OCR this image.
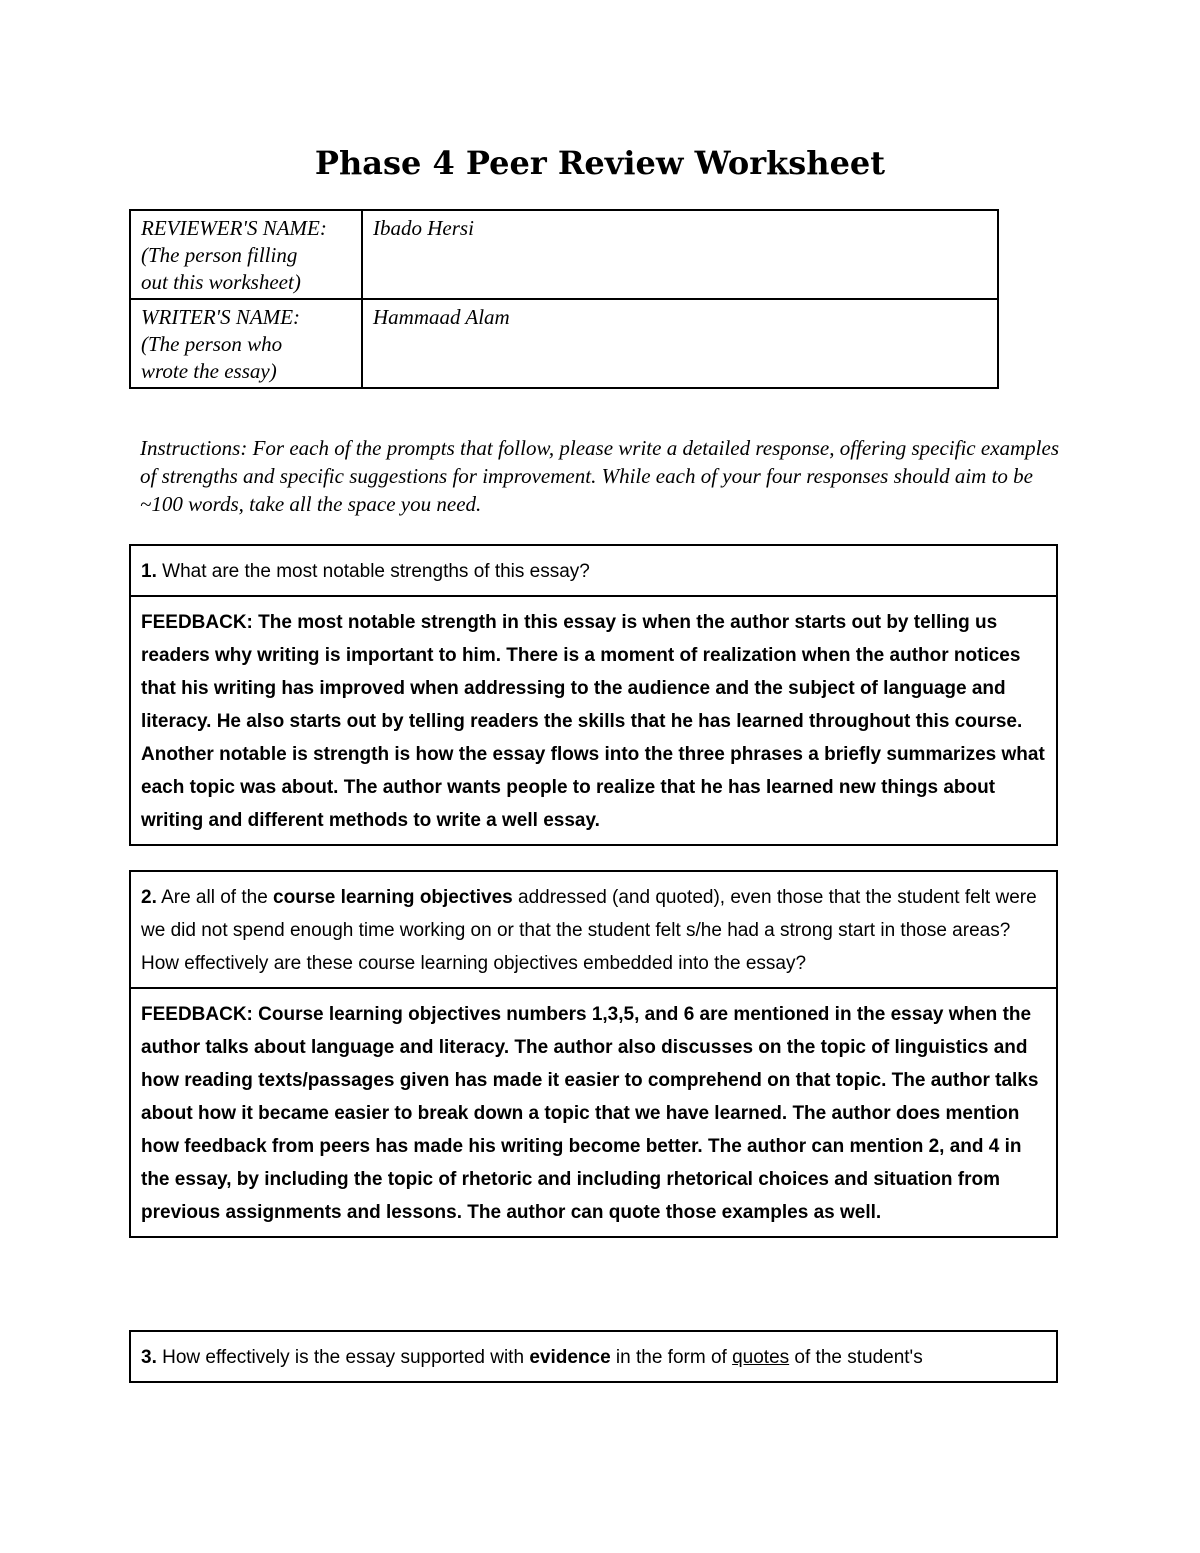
Phase 4 Peer Review Worksheet
REVIEWER'S NAME:
(The person filling
out this worksheet)	Ibado Hersi

WRITER'S NAME:
(The person who
wrote the essay)	Hammaad Alam

Instructions: For each of the prompts that follow, please write a detailed response, offering specific examples of strengths and specific suggestions for improvement. While each of your four responses should aim to be ~100 words, take all the space you need.

1. What are the most notable strengths of this essay?
FEEDBACK: The most notable strength in this essay is when the author starts out by telling us readers why writing is important to him. There is a moment of realization when the author notices that his writing has improved when addressing to the audience and the subject of language and literacy. He also starts out by telling readers the skills that he has learned throughout this course. Another notable is strength is how the essay flows into the three phrases a briefly summarizes what each topic was about. The author wants people to realize that he has learned new things about writing and different methods to write a well essay.
2. Are all of the course learning objectives addressed (and quoted), even those that the student felt were we did not spend enough time working on or that the student felt s/he had a strong start in those areas? How effectively are these course learning objectives embedded into the essay?
FEEDBACK: Course learning objectives numbers 1,3,5, and 6 are mentioned in the essay when the author talks about language and literacy. The author also discusses on the topic of linguistics and how reading texts/passages given has made it easier to comprehend on that topic. The author talks about how it became easier to break down a topic that we have learned. The author does mention how feedback from peers has made his writing become better. The author can mention 2, and 4 in the essay, by including the topic of rhetoric and including rhetorical choices and situation from previous assignments and lessons. The author can quote those examples as well.
3. How effectively is the essay supported with evidence in the form of quotes of the student's
